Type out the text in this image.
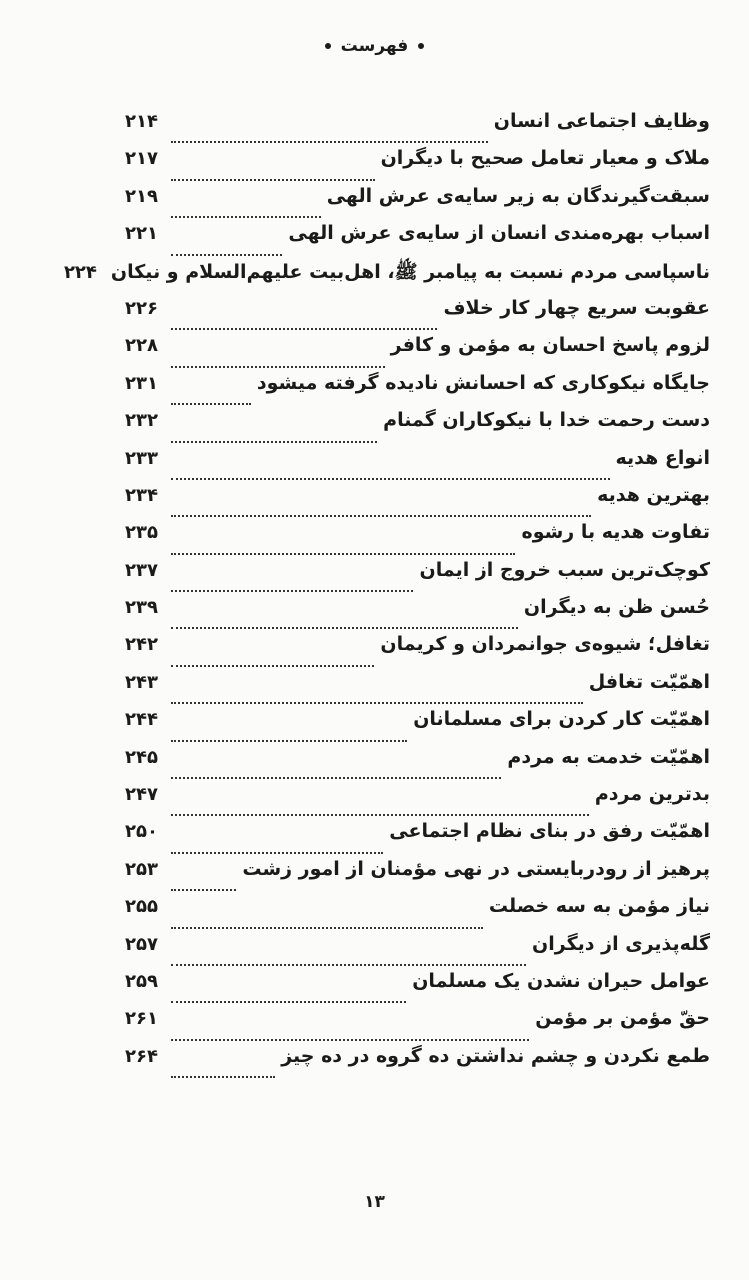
فهرست
وظایف اجتماعی انسان
۲۱۴
ملاک و معیار تعامل صحیح با دیگران
۲۱۷
سبقت‌گیرندگان به زیر سایه‌ی عرش الهی
۲۱۹
اسباب بهره‌مندی انسان از سایه‌ی عرش الهی
۲۲۱
ناسپاسی مردم نسبت به پیامبر ﷺ، اهل‌بیت علیهم‌السلام و نیکان
۲۲۴
عقوبت سریع چهار کار خلاف
۲۲۶
لزوم پاسخ احسان به مؤمن و کافر
۲۲۸
جایگاه نیکوکاری که احسانش نادیده گرفته میشود
۲۳۱
دست رحمت خدا با نیکوکاران گمنام
۲۳۲
انواع هدیه
۲۳۳
بهترین هدیه
۲۳۴
تفاوت هدیه با رشوه
۲۳۵
کوچک‌ترین سبب خروج از ایمان
۲۳۷
حُسن ظن به دیگران
۲۳۹
تغافل؛ شیوه‌ی جوانمردان و کریمان
۲۴۲
اهمّیّت تغافل
۲۴۳
اهمّیّت کار کردن برای مسلمانان
۲۴۴
اهمّیّت خدمت به مردم
۲۴۵
بدترین مردم
۲۴۷
اهمّیّت رفق در بنای نظام اجتماعی
۲۵۰
پرهیز از رودربایستی در نهی مؤمنان از امور زشت
۲۵۳
نیاز مؤمن به سه خصلت
۲۵۵
گله‌پذیری از دیگران
۲۵۷
عوامل حیران نشدن یک مسلمان
۲۵۹
حقّ مؤمن بر مؤمن
۲۶۱
طمع نکردن و چشم نداشتن ده گروه در ده چیز
۲۶۴
۱۳
